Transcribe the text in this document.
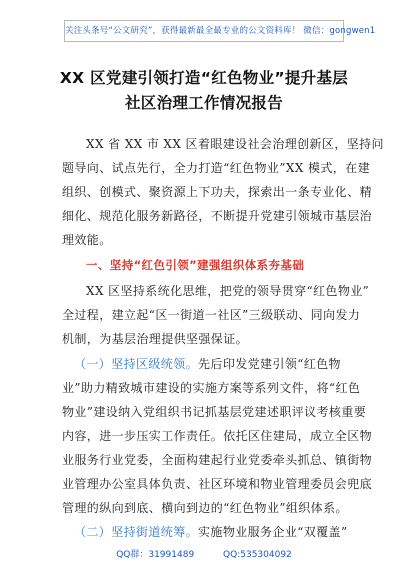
关注头条号“公文研究”，获得最新最全最专业的公文资料库！ 微信：gongwen1
XX 区党建引领打造“红色物业”提升基层
社区治理工作情况报告
XX 省 XX 市 XX 区着眼建设社会治理创新区，坚持问
题导向、试点先行，全力打造“红色物业”XX 模式，在建
组织、创模式、聚资源上下功夫，探索出一条专业化、精
细化、规范化服务新路径，不断提升党建引领城市基层治
理效能。
一、坚持“红色引领”建强组织体系夯基础
XX 区坚持系统化思维，把党的领导贯穿“红色物业”
全过程，建立起“区一街道一社区”三级联动、同向发力
机制，为基层治理提供坚强保证。
（一）坚持区级统领。先后印发党建引领“红色物
业”助力精致城市建设的实施方案等系列文件，将“红色
物业”建设纳入党组织书记抓基层党建述职评议考核重要
内容，进一步压实工作责任。依托区住建局，成立全区物
业服务行业党委，全面构建起行业党委牵头抓总、镇街物
业管理办公室具体负责、社区环境和物业管理委员会兜底
管理的纵向到底、横向到边的“红色物业”组织体系。
（二）坚持街道统筹。实施物业服务企业“双覆盖”
QQ群：31991489	QQ:535304092
